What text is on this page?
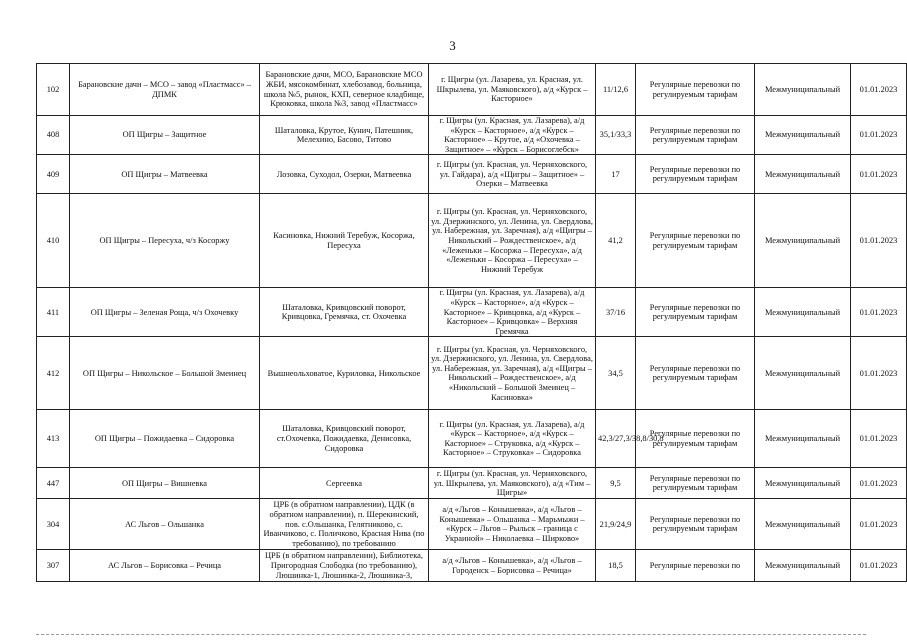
3
102	Барановские дачи – МСО – завод «Пластмасс» – ДПМК	Барановские дачи, МСО, Барановские МСО ЖБИ, мясокомбинат, хлебозавод, больница, школа №5, рынок, КХП, северное кладбище, Крюковка, школа №3, завод «Пластмасс»	г. Щигры (ул. Лазарева, ул. Красная, ул. Шкрылева, ул. Маяковского), а/д «Курск – Касторное»	11/12,6	Регулярные перевозки по регулируемым тарифам	Межмуниципальный	01.01.2023
408	ОП Щигры – Защитное	Шаталовка, Крутое, Кунич, Патешник, Мелехино, Басово, Титово	г. Щигры (ул. Красная, ул. Лазарева), а/д «Курск – Касторное», а/д «Курск – Касторное» – Крутое, а/д «Охочевка – Защитное» – «Курск – Борисоглебск»	35,1/33,3	Регулярные перевозки по регулируемым тарифам	Межмуниципальный	01.01.2023
409	ОП Щигры – Матвеевка	Лозовка, Суходол, Озерки, Матвеевка	г. Щигры (ул. Красная, ул. Черняховского, ул. Гайдара), а/д «Щигры – Защитное» – Озерки – Матвеевка	17	Регулярные перевозки по регулируемым тарифам	Межмуниципальный	01.01.2023
410	ОП Щигры – Пересуха, ч/з Косоржу	Касиновка, Нижний Теребуж, Косоржа, Пересуха	г. Щигры (ул. Красная, ул. Черняховского, ул. Дзержинского, ул. Ленина, ул. Свердлова, ул. Набережная, ул. Заречная), а/д «Щигры – Никольский – Рождественское», а/д «Леженьки – Косоржа – Пересуха», а/д «Леженьки – Косоржа – Пересуха» – Нижний Теребуж	41,2	Регулярные перевозки по регулируемым тарифам	Межмуниципальный	01.01.2023
411	ОП Щигры – Зеленая Роща, ч/з Охочевку	Шаталовка, Кривцовский поворот, Кривцовка, Гремячка, ст. Охочевка	г. Щигры (ул. Красная, ул. Лазарева), а/д «Курск – Касторное», а/д «Курск – Касторное» – Кривцовка, а/д «Курск – Касторное» – Кривцовка» – Верхняя Гремячка	37/16	Регулярные перевозки по регулируемым тарифам	Межмуниципальный	01.01.2023
412	ОП Щигры – Никольское – Большой Змеинец	Вышнеольховатое, Куриловка, Никольское	г. Щигры (ул. Красная, ул. Черняховского, ул. Дзержинского, ул. Ленина, ул. Свердлова, ул. Набережная, ул. Заречная), а/д «Щигры – Никольский – Рождественское», а/д «Никольский – Большой Змеинец – Касиновка»	34,5	Регулярные перевозки по регулируемым тарифам	Межмуниципальный	01.01.2023
413	ОП Щигры – Пожидаевка – Сидоровка	Шаталовка, Кривцовский поворот, ст.Охочевка, Пожидаевка, Денисовка, Сидоровка	г. Щигры (ул. Красная, ул. Лазарева), а/д «Курск – Касторное», а/д «Курск – Касторное» – Струковка, а/д «Курск – Касторное» – Струковка» – Сидоровка	42,3/27,3/38,8/30,8	Регулярные перевозки по регулируемым тарифам	Межмуниципальный	01.01.2023
447	ОП Щигры – Вишневка	Сергеевка	г. Щигры (ул. Красная, ул. Черняховского, ул. Шкрылева, ул. Маяковского), а/д «Тим – Щигры»	9,5	Регулярные перевозки по регулируемым тарифам	Межмуниципальный	01.01.2023
304	АС Льгов – Ольшанка	ЦРБ (в обратном направлении), ЦДК (в обратном направлении), п. Шерекинский, пов. с.Ольшанка, Гелятниково, с. Иванчиково, с. Поличково, Красная Нива (по требованию), по требованию	а/д «Льгов – Конышевка», а/д «Льгов – Конышевка» – Ольшанка – Марьмыжи – «Курск – Льгов – Рыльск – граница с Украиной» – Николаевка – Ширково»	21,9/24,9	Регулярные перевозки по регулируемым тарифам	Межмуниципальный	01.01.2023
307	АС Льгов – Борисовка – Речица	ЦРБ (в обратном направлении), Библиотека, Пригородная Слободка (по требованию), Люшинка-1, Люшинка-2, Люшинка-3,	а/д «Льгов – Конышевка», а/д «Льгов – Городенск – Борисовка – Речица»	18,5	Регулярные перевозки по	Межмуниципальный	01.01.2023
